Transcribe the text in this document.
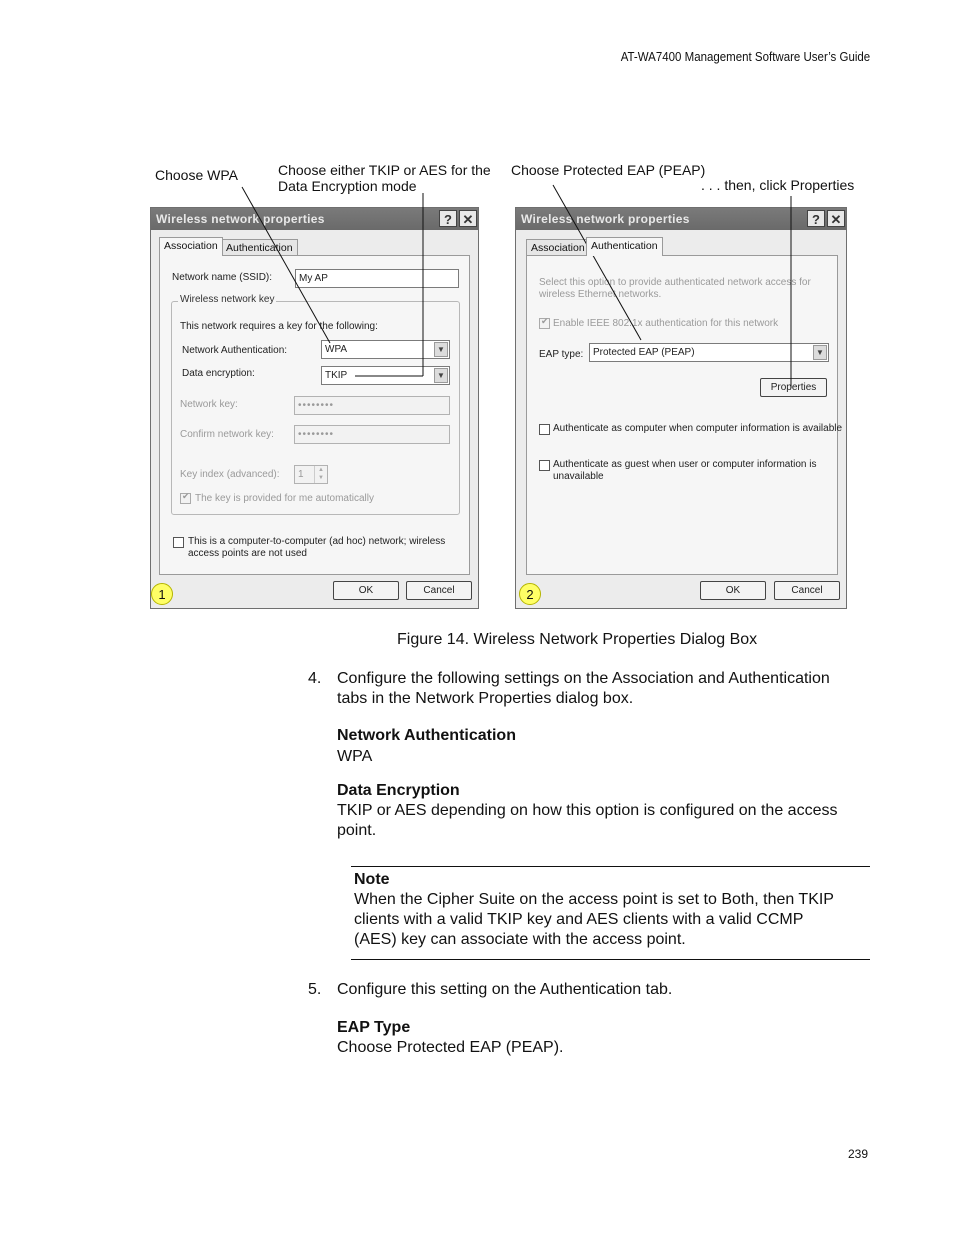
AT-WA7400 Management Software User’s Guide
Choose WPA	Choose either TKIP or AES for the
Data Encryption mode
Choose Protected EAP (PEAP)
. . . then, click Properties
Wireless network properties	? ✕
Association Authentication
Network name (SSID):	My AP
Wireless network key
This network requires a key for the following:
Network Authentication:	WPA	▼
Data encryption:	TKIP	▼
Network key:	••••••••
Confirm network key:	••••••••
Key index (advanced):	1	▲
▼
✔ The key is provided for me automatically
This is a computer-to-computer (ad hoc) network; wireless
access points are not used
OK	Cancel
1
Wireless network properties	? ✕
Association Authentication
Select this option to provide authenticated network access for
wireless Ethernet networks.
✔ Enable IEEE 802.1x authentication for this network
EAP type: Protected EAP (PEAP)	▼
Properties
Authenticate as computer when computer information is available
Authenticate as guest when user or computer information is
unavailable
OK	Cancel
2
Figure 14. Wireless Network Properties Dialog Box
4. Configure the following settings on the Association and Authentication
tabs in the Network Properties dialog box.
Network Authentication
WPA
Data Encryption
TKIP or AES depending on how this option is configured on the access
point.
Note
When the Cipher Suite on the access point is set to Both, then TKIP
clients with a valid TKIP key and AES clients with a valid CCMP
(AES) key can associate with the access point.
5. Configure this setting on the Authentication tab.
EAP Type
Choose Protected EAP (PEAP).
239
